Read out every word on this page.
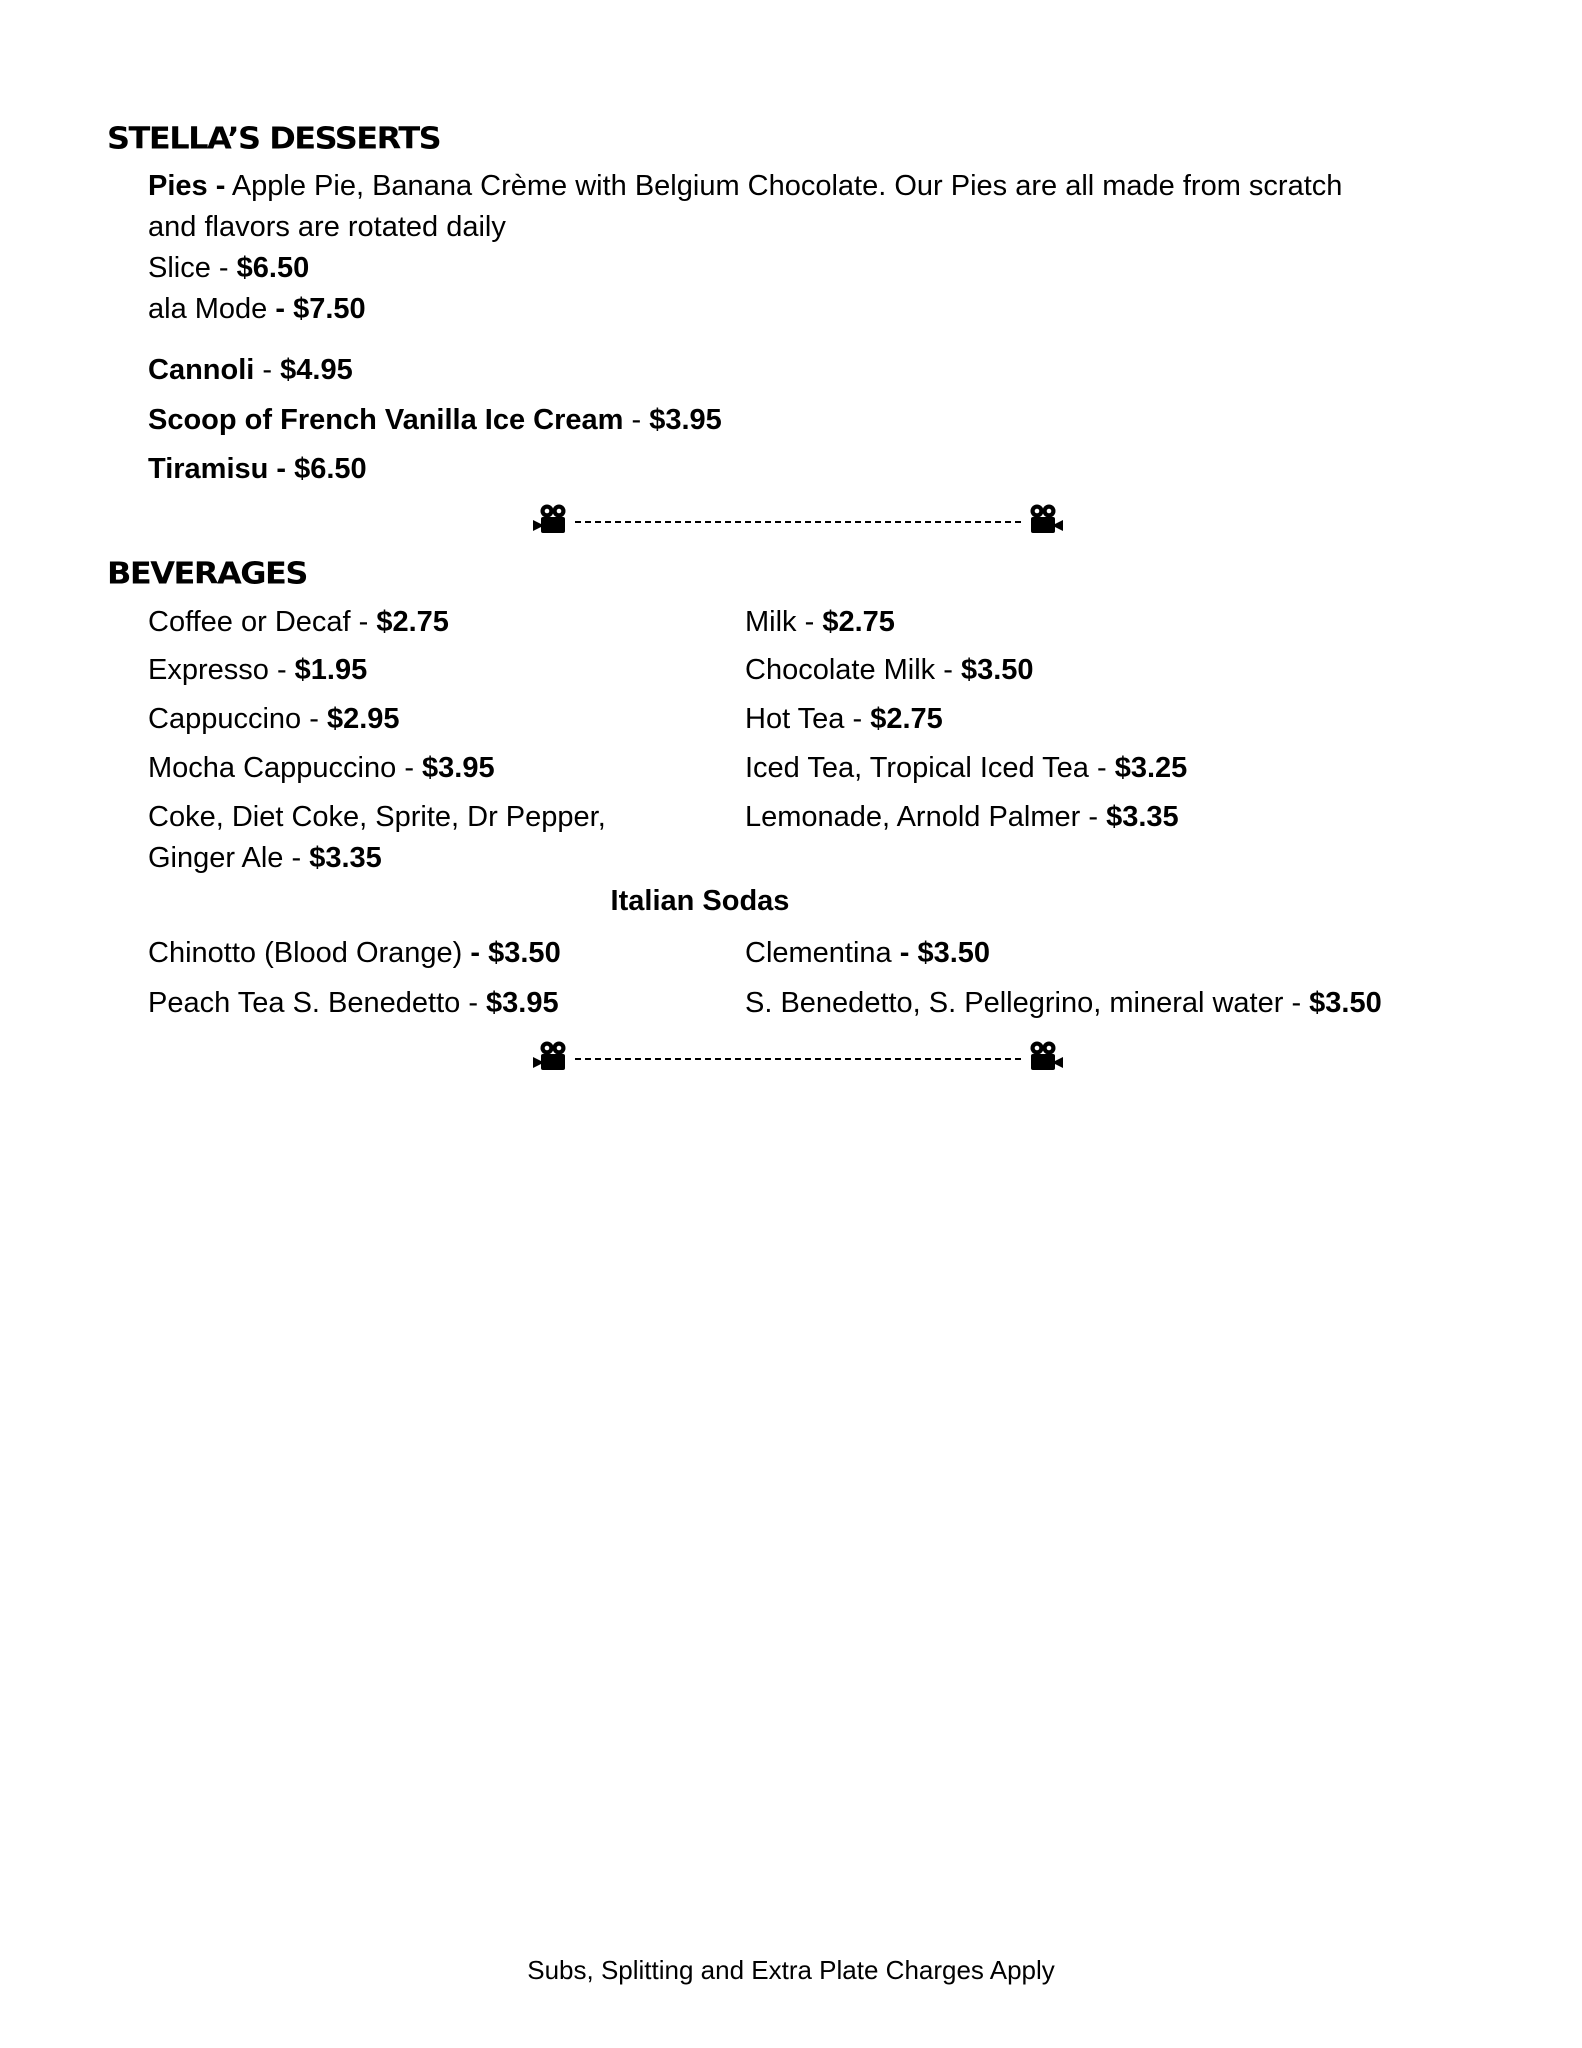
STELLA’S DESSERTS
Pies - Apple Pie, Banana Crème with Belgium Chocolate. Our Pies are all made from scratch
and flavors are rotated daily
Slice - $6.50
ala Mode - $7.50
Cannoli - $4.95
Scoop of French Vanilla Ice Cream - $3.95
Tiramisu - $6.50
BEVERAGES
Coffee or Decaf - $2.75
Expresso - $1.95
Cappuccino - $2.95
Mocha Cappuccino - $3.95
Coke, Diet Coke, Sprite, Dr Pepper,
Ginger Ale - $3.35
Milk - $2.75
Chocolate Milk - $3.50
Hot Tea - $2.75
Iced Tea, Tropical Iced Tea - $3.25
Lemonade, Arnold Palmer - $3.35
Italian Sodas
Chinotto (Blood Orange) - $3.50
Peach Tea S. Benedetto - $3.95
Clementina - $3.50
S. Benedetto, S. Pellegrino, mineral water - $3.50
Subs, Splitting and Extra Plate Charges Apply
